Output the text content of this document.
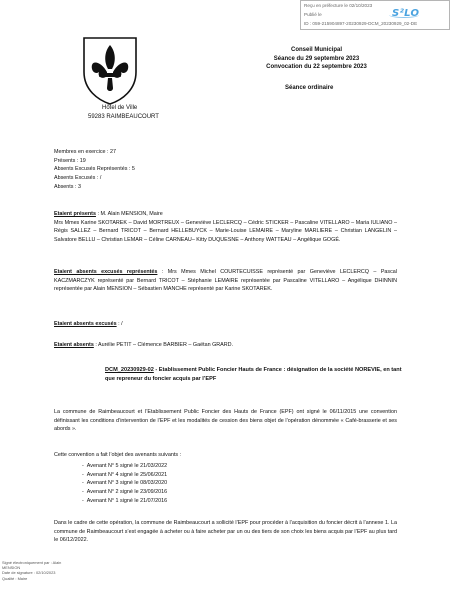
Reçu en préfecture le 02/10/2023
Publié le
ID : 059-215904897-20230929-DCM_20230929_02-DE
S²LO
Hôtel de Ville
59283 RAIMBEAUCOURT
Conseil Municipal
Séance du 29 septembre 2023
Convocation du 22 septembre 2023
Séance ordinaire
Membres en exercice : 27
Présents : 19
Absents Excusés Représentés : 5
Absents Excusés : /
Absents : 3
Etaient présents : M. Alain MENSION, Maire
Mrs Mmes Karine SKOTAREK – David MORTREUX – Geneviève LECLERCQ – Cédric STICKER – Pascaline VITELLARO – Maria IULIANO – Régis SALLEZ – Bernard TRICOT – Bernard HELLEBUYCK – Marie-Louise LEMAIRE – Maryline MARLIERE – Christian LANGELIN – Salvatore BELLU – Christian LEMAR – Céline CARNEAU– Kitty DUQUESNE – Anthony WATTEAU – Angélique GOGÉ.
Etaient absents excusés représentés : Mrs Mmes Michel COURTECUISSE représenté par Geneviève LECLERCQ – Pascal KACZMARCZYK représenté par Bernard TRICOT – Stéphanie LEMAIRE représentée par Pascaline VITELLARO – Angélique DHINNIN représentée par Alain MENSION – Sébastien MANCHE représenté par Karine SKOTAREK.
Etaient absents excusés : /
Etaient absents : Aurélie PETIT – Clémence BARBIER – Gaëtan GRARD.
DCM_20230929-02 - Etablissement Public Foncier Hauts de France : désignation de la société NOREVIE, en tant que repreneur du foncier acquis par l’EPF
La commune de Raimbeaucourt et l’Etablissement Public Foncier des Hauts de France (EPF) ont signé le 06/11/2015 une convention définissant les conditions d’intervention de l’EPF et les modalités de cession des biens objet de l’opération dénommée « Café-brasserie et ses abords ».
Cette convention a fait l’objet des avenants suivants :
‑  Avenant N° 5 signé le 21/03/2022
‑  Avenant N° 4 signé le 25/06/2021
‑  Avenant N° 3 signé le 08/03/2020
‑  Avenant N° 2 signé le 23/09/2016
‑  Avenant N° 1 signé le 21/07/2016
Dans le cadre de cette opération, la commune de Raimbeaucourt a sollicité l’EPF pour procéder à l’acquisition du foncier décrit à l’annexe 1. La commune de Raimbeaucourt s’est engagée à acheter ou à faire acheter par un ou des tiers de son choix les biens acquis par l’EPF au plus tard le 06/12/2022.
Signé électroniquement par : Alain
MENSION
Date de signature : 02/10/2023
Qualité : Maire
